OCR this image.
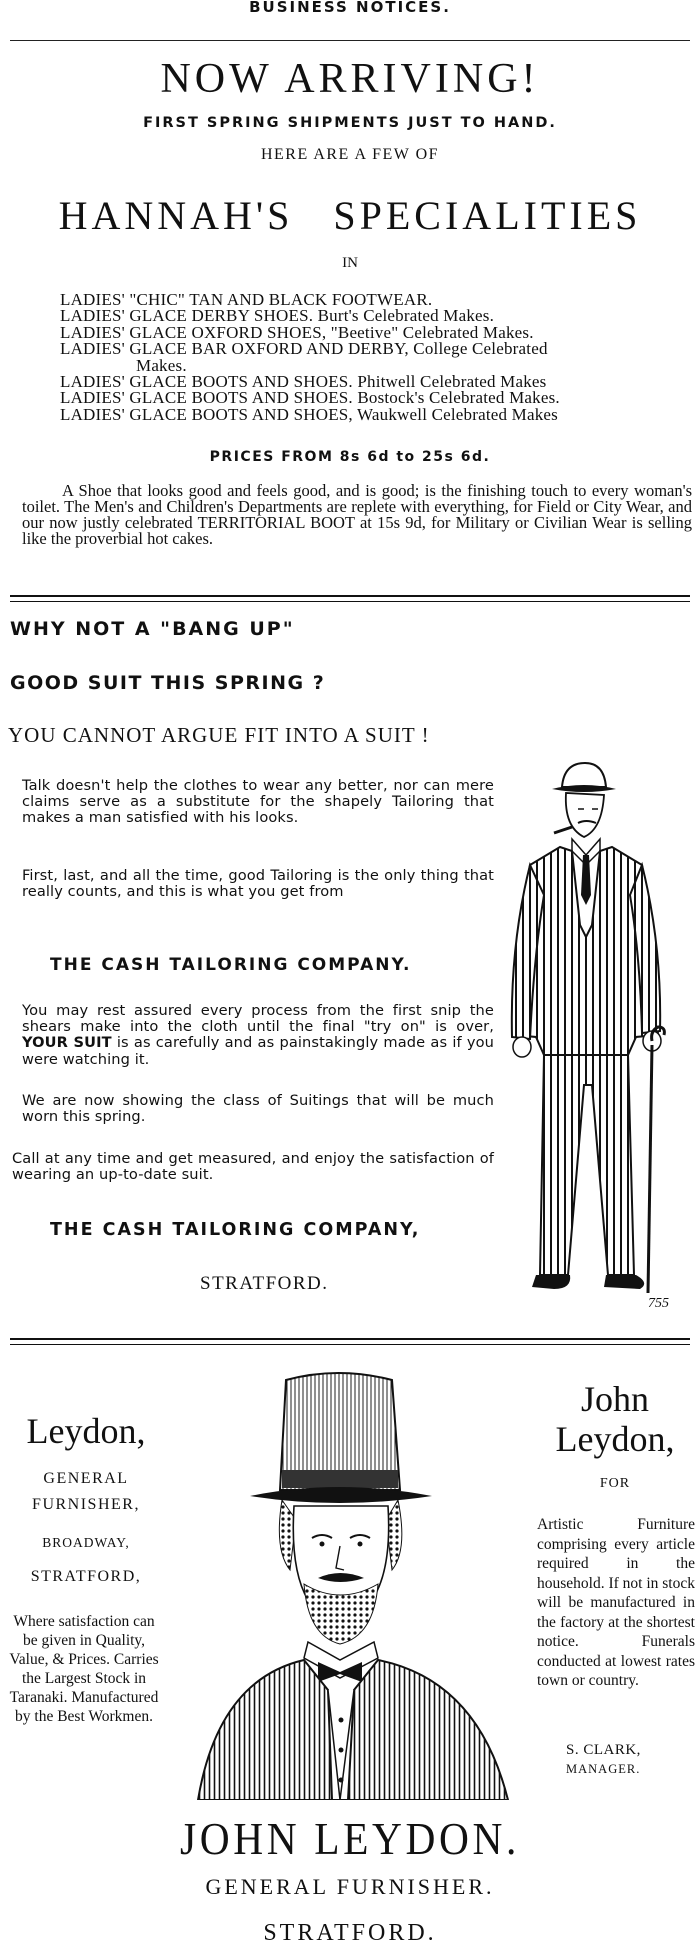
BUSINESS NOTICES.
NOW ARRIVING!
FIRST SPRING SHIPMENTS JUST TO HAND.
HERE ARE A FEW OF
HANNAH'S SPECIALITIES
IN
LADIES' "CHIC" TAN AND BLACK FOOTWEAR.
LADIES' GLACE DERBY SHOES. Burt's Celebrated Makes.
LADIES' GLACE OXFORD SHOES, "Beetive" Celebrated Makes.
LADIES' GLACE BAR OXFORD AND DERBY, College Celebrated
Makes.
LADIES' GLACE BOOTS AND SHOES. Phitwell Celebrated Makes
LADIES' GLACE BOOTS AND SHOES. Bostock's Celebrated Makes.
LADIES' GLACE BOOTS AND SHOES, Waukwell Celebrated Makes
PRICES FROM 8s 6d to 25s 6d.
A Shoe that looks good and feels good, and is good; is the finishing touch to every woman's toilet. The Men's and Children's Departments are replete with everything, for Field or City Wear, and our now justly celebrated TERRITORIAL BOOT at 15s 9d, for Military or Civilian Wear is selling like the proverbial hot cakes.
WHY NOT A "BANG UP"
GOOD SUIT THIS SPRING ?
YOU CANNOT ARGUE FIT INTO A SUIT !
Talk doesn't help the clothes to wear any better, nor can mere claims serve as a substitute for the shapely Tailoring that makes a man satisfied with his looks.
First, last, and all the time, good Tailoring is the only thing that really counts, and this is what you get from
THE CASH TAILORING COMPANY.
You may rest assured every process from the first snip the shears make into the cloth until the final "try on" is over, YOUR SUIT is as carefully and as painstakingly made as if you were watching it.
We are now showing the class of Suitings that will be much worn this spring.
Call at any time and get measured, and enjoy the satisfaction of wearing an up-to-date suit.
THE CASH TAILORING COMPANY,
STRATFORD.
755
Leydon,
GENERAL
FURNISHER,
BROADWAY,
STRATFORD,
Where satisfaction can be given in Quality, Value, & Prices. Carries the Largest Stock in Taranaki. Manufactured by the Best Workmen.
John
Leydon,
FOR
Artistic Furniture comprising every article required in the household. If not in stock will be manufactured in the factory at the shortest notice. Funerals conducted at lowest rates town or country.
S. CLARK,
MANAGER.
JOHN LEYDON.
GENERAL FURNISHER.
STRATFORD.
